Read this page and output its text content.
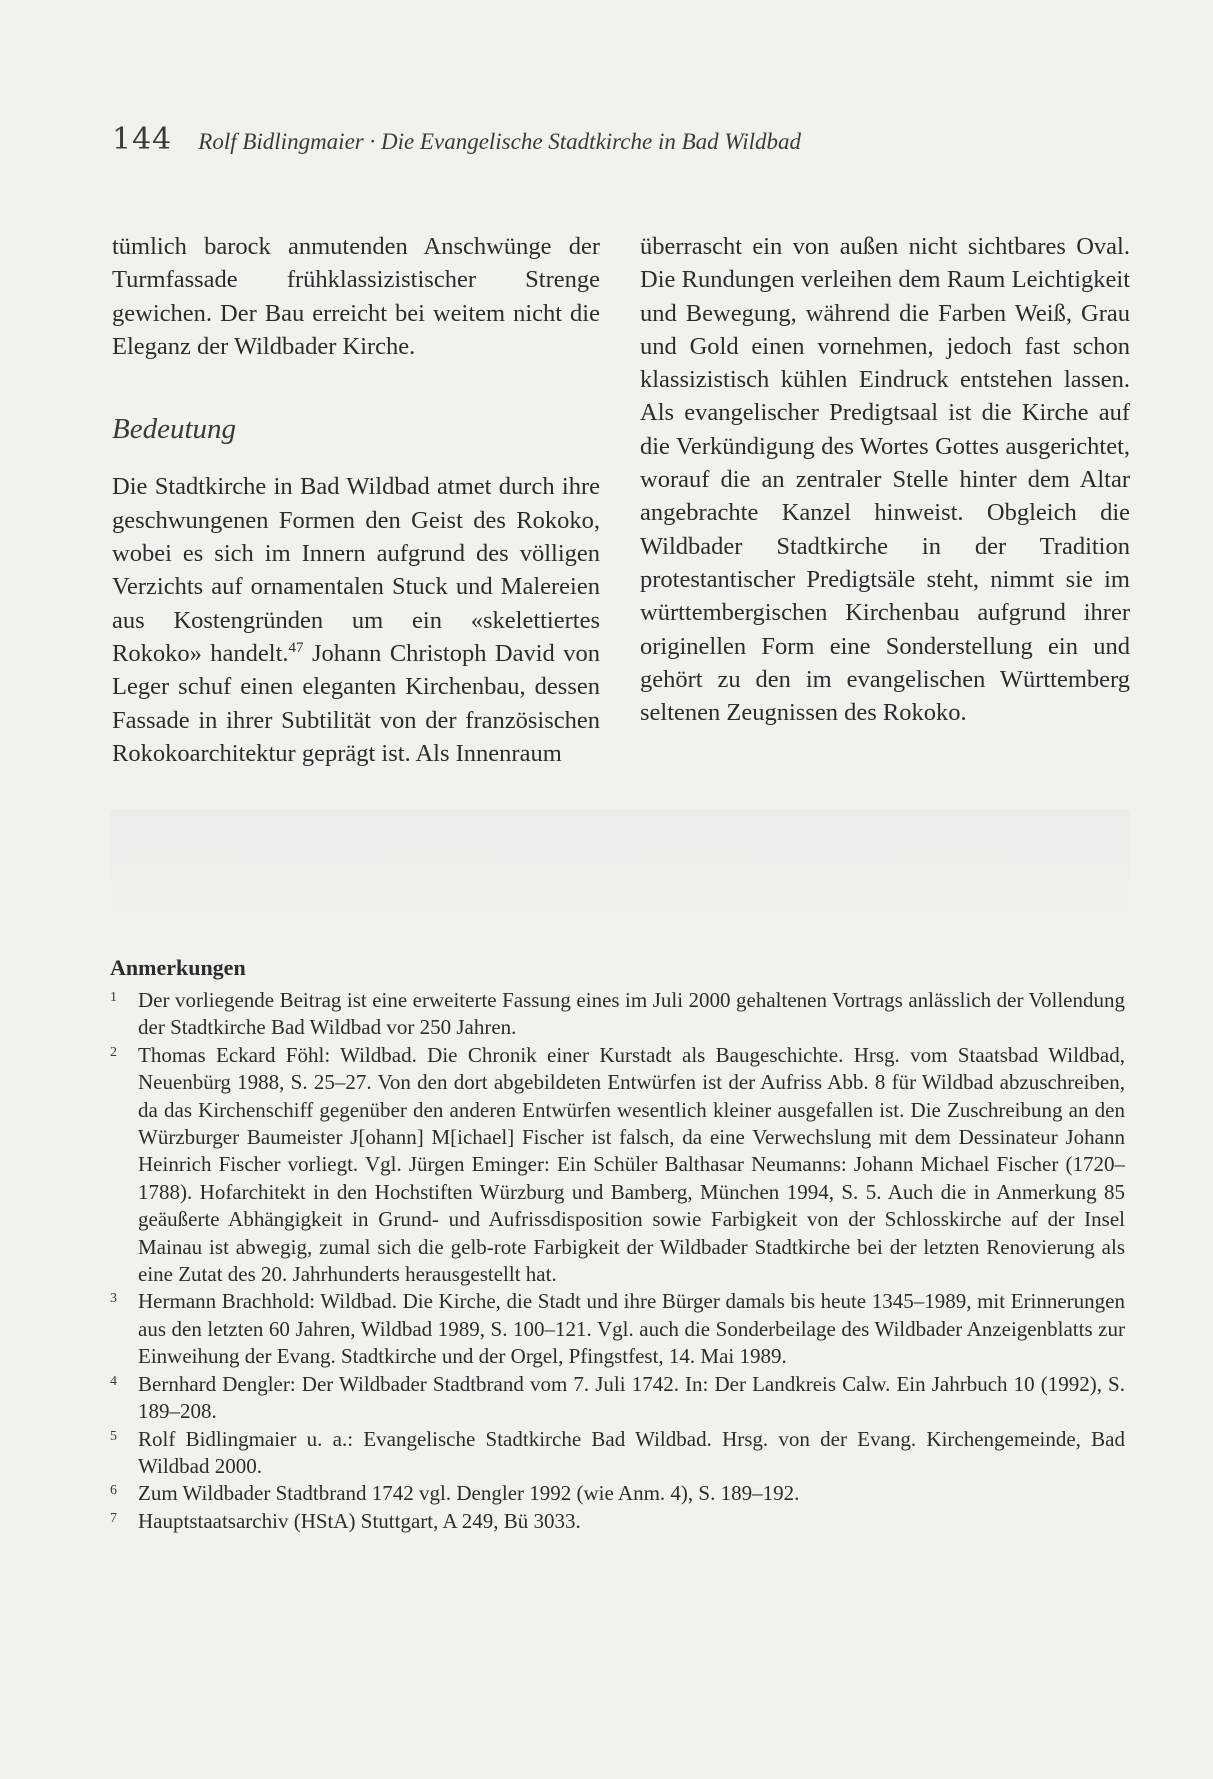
144 Rolf Bidlingmaier · Die Evangelische Stadtkirche in Bad Wildbad

tümlich barock anmutenden Anschwünge der Turmfassade frühklassizistischer Strenge gewichen. Der Bau erreicht bei weitem nicht die Eleganz der Wildbader Kirche.

Bedeutung

Die Stadtkirche in Bad Wildbad atmet durch ihre geschwungenen Formen den Geist des Rokoko, wobei es sich im Innern aufgrund des völligen Verzichts auf ornamentalen Stuck und Malereien aus Kostengründen um ein «skelettiertes Rokoko» handelt.$^{47}$ Johann Christoph David von Leger schuf einen eleganten Kirchenbau, dessen Fassade in ihrer Subtilität von der französischen Rokokoarchitektur geprägt ist. Als Innenraum

überrascht ein von außen nicht sichtbares Oval. Die Rundungen verleihen dem Raum Leichtigkeit und Bewegung, während die Farben Weiß, Grau und Gold einen vornehmen, jedoch fast schon klassizistisch kühlen Eindruck entstehen lassen. Als evangelischer Predigtsaal ist die Kirche auf die Verkündigung des Wortes Gottes ausgerichtet, worauf die an zentraler Stelle hinter dem Altar angebrachte Kanzel hinweist. Obgleich die Wildbader Stadtkirche in der Tradition protestantischer Predigtsäle steht, nimmt sie im württembergischen Kirchenbau aufgrund ihrer originellen Form eine Sonderstellung ein und gehört zu den im evangelischen Württemberg seltenen Zeugnissen des Rokoko.

Anmerkungen

1 Der vorliegende Beitrag ist eine erweiterte Fassung eines im Juli 2000 gehaltenen Vortrags anlässlich der Vollendung der Stadtkirche Bad Wildbad vor 250 Jahren.

2 Thomas Eckard Föhl: Wildbad. Die Chronik einer Kurstadt als Baugeschichte. Hrsg. vom Staatsbad Wildbad, Neuenbürg 1988, S. 25–27. Von den dort abgebildeten Entwürfen ist der Aufriss Abb. 8 für Wildbad abzuschreiben, da das Kirchenschiff gegenüber den anderen Entwürfen wesentlich kleiner ausgefallen ist. Die Zuschreibung an den Würzburger Baumeister J[ohann] M[ichael] Fischer ist falsch, da eine Verwechslung mit dem Dessinateur Johann Heinrich Fischer vorliegt. Vgl. Jürgen Eminger: Ein Schüler Balthasar Neumanns: Johann Michael Fischer (1720–1788). Hofarchitekt in den Hochstiften Würzburg und Bamberg, München 1994, S. 5. Auch die in Anmerkung 85 geäußerte Abhängigkeit in Grund- und Aufrissdisposition sowie Farbigkeit von der Schlosskirche auf der Insel Mainau ist abwegig, zumal sich die gelb-rote Farbigkeit der Wildbader Stadtkirche bei der letzten Renovierung als eine Zutat des 20. Jahrhunderts herausgestellt hat.

3 Hermann Brachhold: Wildbad. Die Kirche, die Stadt und ihre Bürger damals bis heute 1345–1989, mit Erinnerungen aus den letzten 60 Jahren, Wildbad 1989, S. 100–121. Vgl. auch die Sonderbeilage des Wildbader Anzeigenblatts zur Einweihung der Evang. Stadtkirche und der Orgel, Pfingstfest, 14. Mai 1989.

4 Bernhard Dengler: Der Wildbader Stadtbrand vom 7. Juli 1742. In: Der Landkreis Calw. Ein Jahrbuch 10 (1992), S. 189–208.

5 Rolf Bidlingmaier u. a.: Evangelische Stadtkirche Bad Wildbad. Hrsg. von der Evang. Kirchengemeinde, Bad Wildbad 2000.

6 Zum Wildbader Stadtbrand 1742 vgl. Dengler 1992 (wie Anm. 4), S. 189–192.

7 Hauptstaatsarchiv (HStA) Stuttgart, A 249, Bü 3033.
